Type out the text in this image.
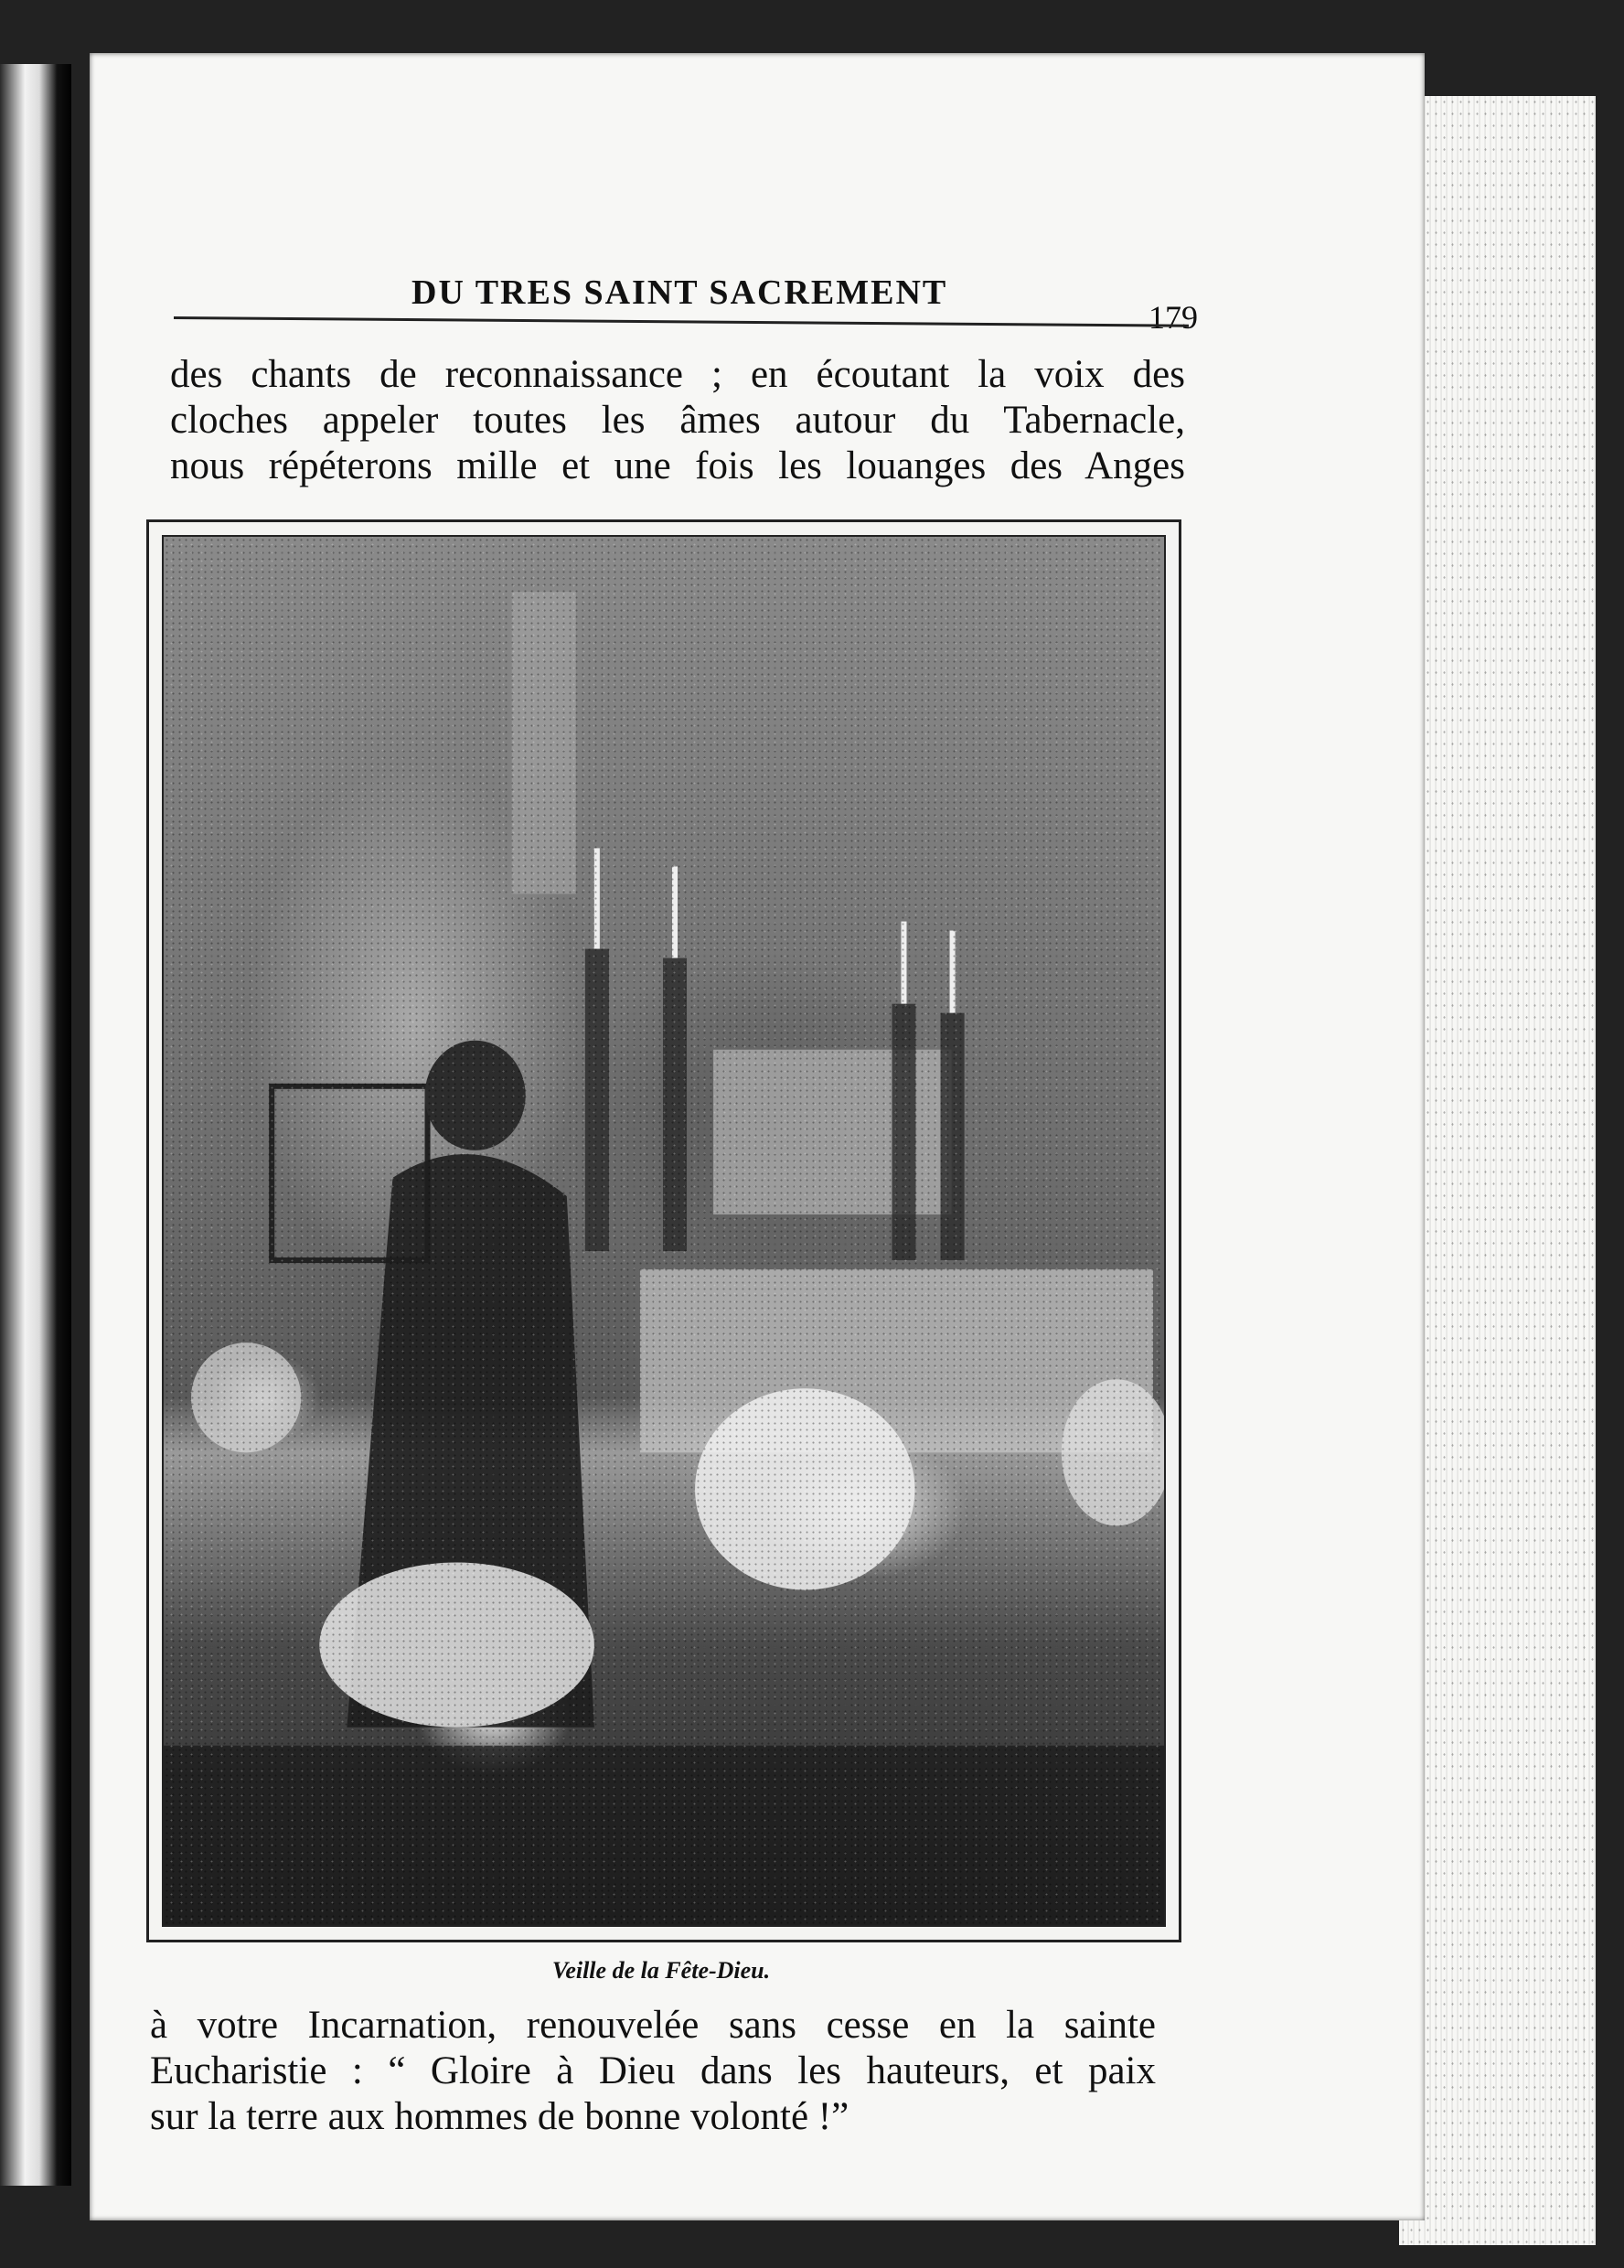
DU TRES SAINT SACREMENT
179
des chants de reconnaissance ; en écoutant la voix des
cloches appeler toutes les âmes autour du Tabernacle,
nous répéterons mille et une fois les louanges des Anges
Veille de la Fête-Dieu.
à votre Incarnation, renouvelée sans cesse en la sainte
Eucharistie : “ Gloire à Dieu dans les hauteurs, et paix
sur la terre aux hommes de bonne volonté !”
